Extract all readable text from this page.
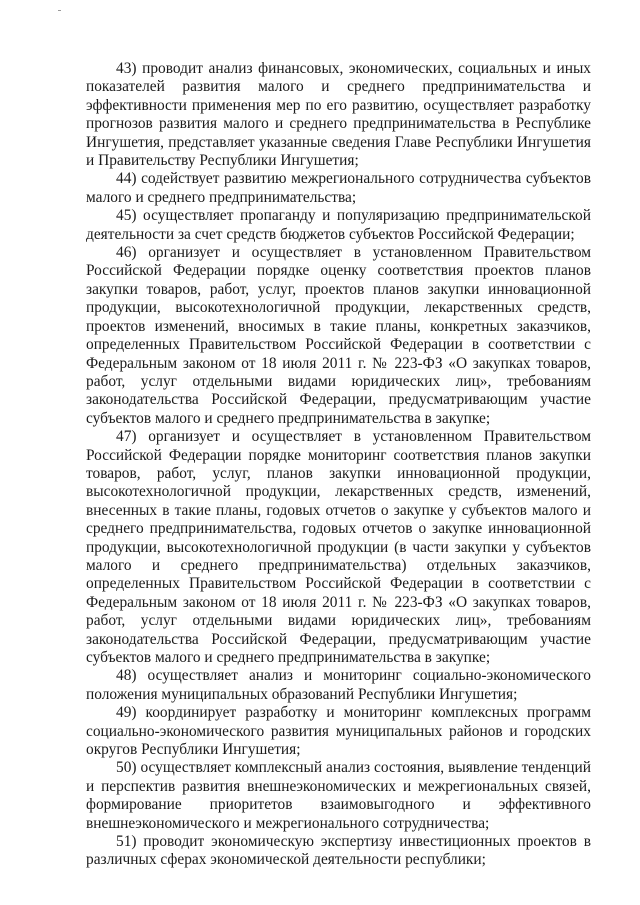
43) проводит анализ финансовых, экономических, социальных и иных показателей развития малого и среднего предпринимательства и эффективности применения мер по его развитию, осуществляет разработку прогнозов развития малого и среднего предпринимательства в Республике Ингушетия, представляет указанные сведения Главе Республики Ингушетия и Правительству Республики Ингушетия;

44) содействует развитию межрегионального сотрудничества субъектов малого и среднего предпринимательства;

45) осуществляет пропаганду и популяризацию предпринимательской деятельности за счет средств бюджетов субъектов Российской Федерации;

46) организует и осуществляет в установленном Правительством Российской Федерации порядке оценку соответствия проектов планов закупки товаров, работ, услуг, проектов планов закупки инновационной продукции, высокотехнологичной продукции, лекарственных средств, проектов изменений, вносимых в такие планы, конкретных заказчиков, определенных Правительством Российской Федерации в соответствии с Федеральным законом от 18 июля 2011 г. № 223-ФЗ «О закупках товаров, работ, услуг отдельными видами юридических лиц», требованиям законодательства Российской Федерации, предусматривающим участие субъектов малого и среднего предпринимательства в закупке;

47) организует и осуществляет в установленном Правительством Российской Федерации порядке мониторинг соответствия планов закупки товаров, работ, услуг, планов закупки инновационной продукции, высокотехнологичной продукции, лекарственных средств, изменений, внесенных в такие планы, годовых отчетов о закупке у субъектов малого и среднего предпринимательства, годовых отчетов о закупке инновационной продукции, высокотехнологичной продукции (в части закупки у субъектов малого и среднего предпринимательства) отдельных заказчиков, определенных Правительством Российской Федерации в соответствии с Федеральным законом от 18 июля 2011 г. № 223-ФЗ «О закупках товаров, работ, услуг отдельными видами юридических лиц», требованиям законодательства Российской Федерации, предусматривающим участие субъектов малого и среднего предпринимательства в закупке;

48) осуществляет анализ и мониторинг социально-экономического положения муниципальных образований Республики Ингушетия;

49) координирует разработку и мониторинг комплексных программ социально-экономического развития муниципальных районов и городских округов Республики Ингушетия;

50) осуществляет комплексный анализ состояния, выявление тенденций и перспектив развития внешнеэкономических и межрегиональных связей, формирование приоритетов взаимовыгодного и эффективного внешнеэкономического и межрегионального сотрудничества;

51) проводит экономическую экспертизу инвестиционных проектов в различных сферах экономической деятельности республики;
